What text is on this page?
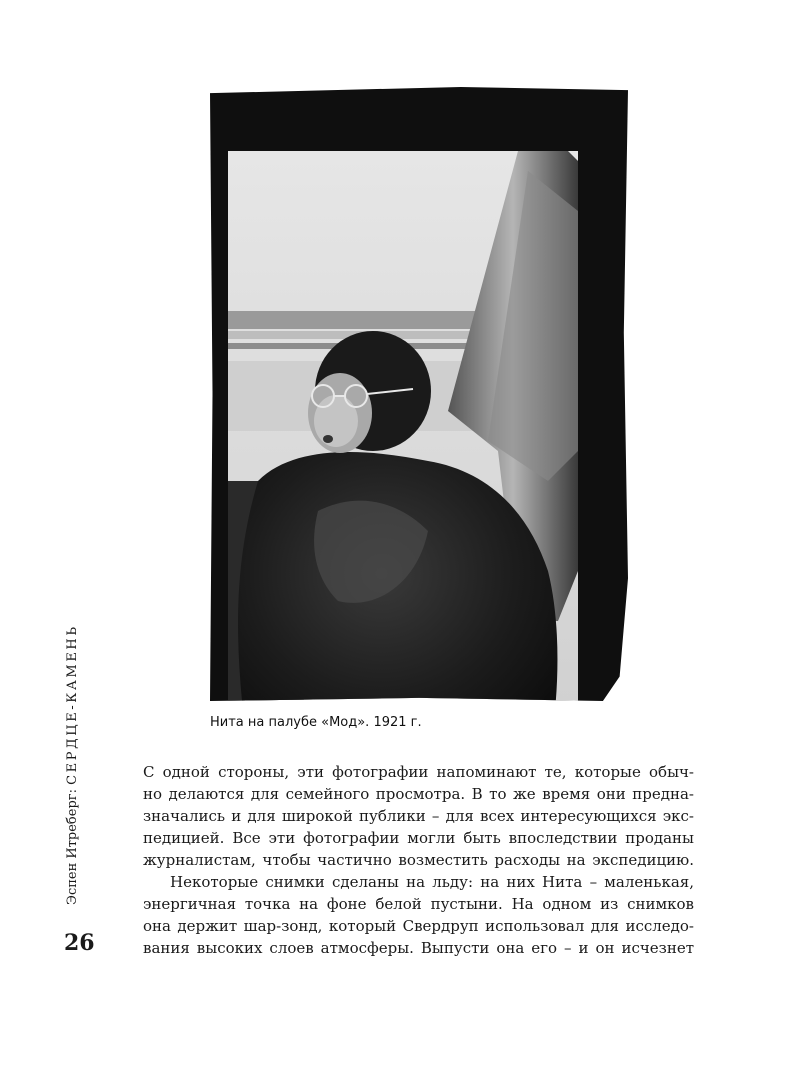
Нита на палубе «Мод». 1921 г.
С одной стороны, эти фотографии напоминают те, которые обыч-
но делаются для семейного просмотра. В то же время они предна-
значались и для широкой публики – для всех интересующихся экс-
педицией. Все эти фотографии могли быть впоследствии проданы
журналистам, чтобы частично возместить расходы на экспедицию.
Некоторые снимки сделаны на льду: на них Нита – маленькая,
энергичная точка на фоне белой пустыни. На одном из снимков
она держит шар-зонд, который Свердруп использовал для исследо-
вания высоких слоев атмосферы. Выпусти она его – и он исчезнет
Эспен Итреберг: СЕРДЦЕ-КАМЕНЬ
26
